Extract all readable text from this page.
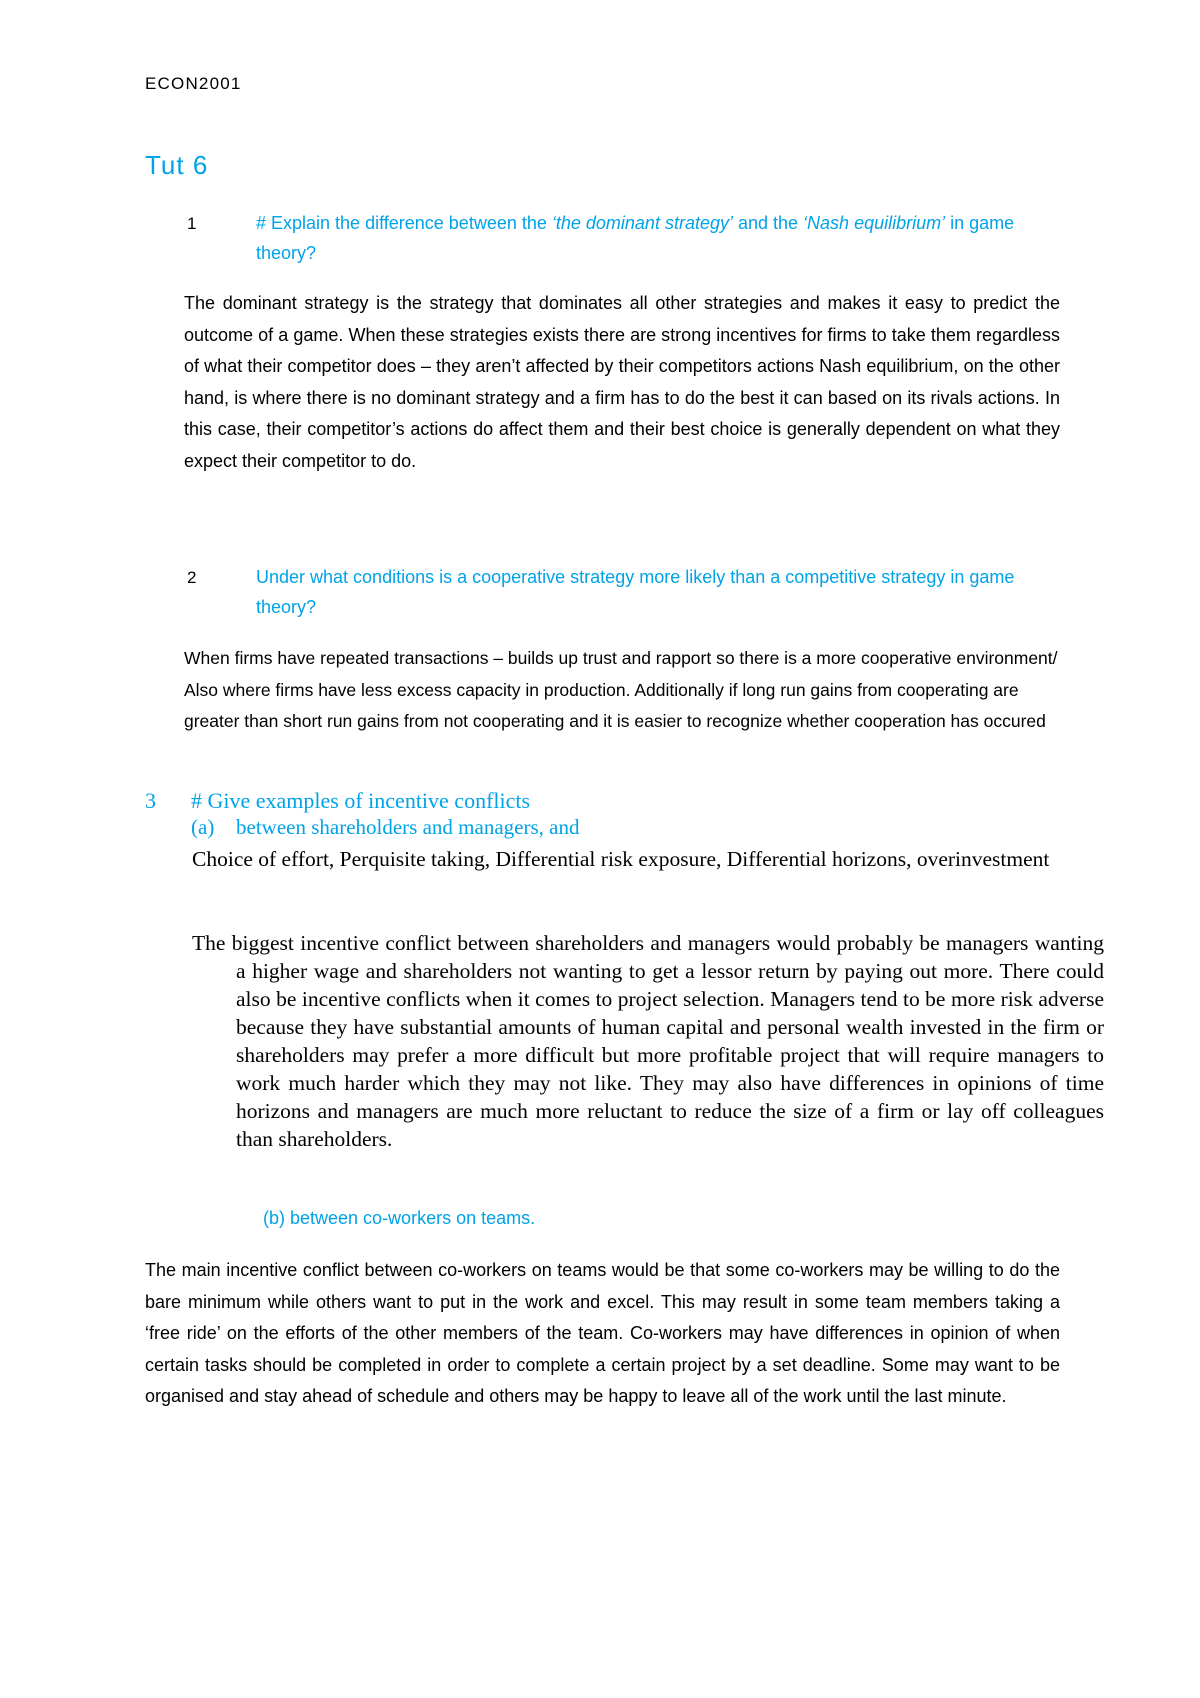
ECON2001
Tut 6
1	# Explain the difference between the ‘the dominant strategy’ and the ‘Nash equilibrium’ in game theory?

The dominant strategy is the strategy that dominates all other strategies and makes it easy to predict the outcome of a game. When these strategies exists there are strong incentives for firms to take them regardless of what their competitor does – they aren’t affected by their competitors actions Nash equilibrium, on the other hand, is where there is no dominant strategy and a firm has to do the best it can based on its rivals actions. In this case, their competitor’s actions do affect them and their best choice is generally dependent on what they expect their competitor to do.

2	Under what conditions is a cooperative strategy more likely than a competitive strategy in game theory?

When firms have repeated transactions – builds up trust and rapport so there is a more cooperative environment/ Also where firms have less excess capacity in production. Additionally if long run gains from cooperating are greater than short run gains from not cooperating and it is easier to recognize whether cooperation has occured

3 # Give examples of incentive conflicts
(a) between shareholders and managers, and

Choice of effort, Perquisite taking, Differential risk exposure, Differential horizons, overinvestment

The biggest incentive conflict between shareholders and managers would probably be managers wanting a higher wage and shareholders not wanting to get a lessor return by paying out more. There could also be incentive conflicts when it comes to project selection. Managers tend to be more risk adverse because they have substantial amounts of human capital and personal wealth invested in the firm or shareholders may prefer a more difficult but more profitable project that will require managers to work much harder which they may not like. They may also have differences in opinions of time horizons and managers are much more reluctant to reduce the size of a firm or lay off colleagues than shareholders.

(b) between co-workers on teams.

The main incentive conflict between co-workers on teams would be that some co-workers may be willing to do the bare minimum while others want to put in the work and excel. This may result in some team members taking a ‘free ride’ on the efforts of the other members of the team. Co-workers may have differences in opinion of when certain tasks should be completed in order to complete a certain project by a set deadline. Some may want to be organised and stay ahead of schedule and others may be happy to leave all of the work until the last minute.
